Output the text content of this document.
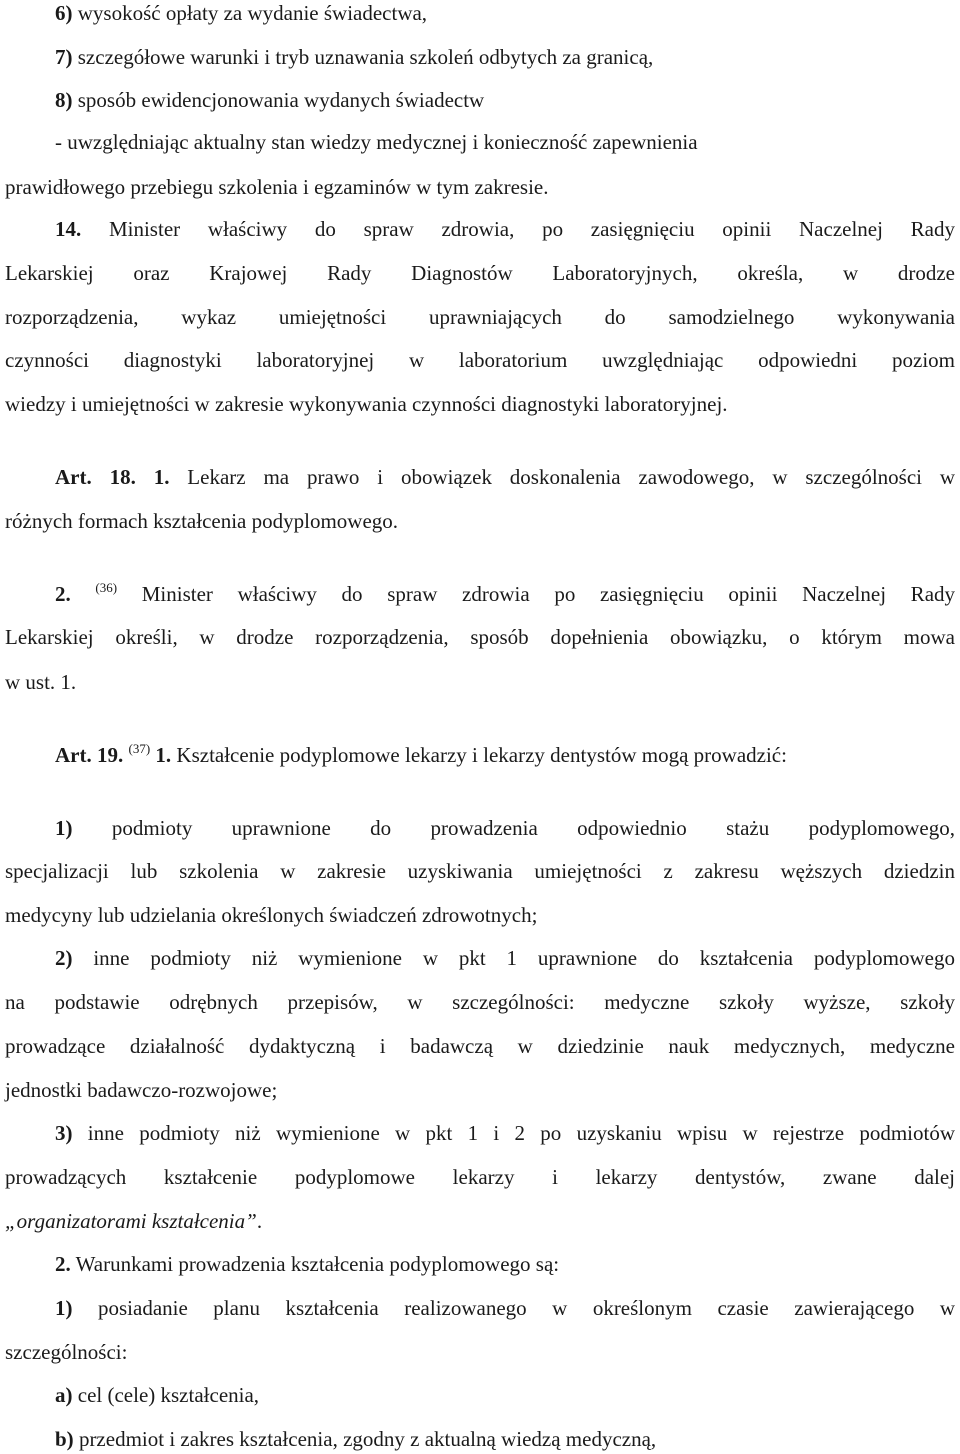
6) wysokość opłaty za wydanie świadectwa,
7) szczegółowe warunki i tryb uznawania szkoleń odbytych za granicą,
8) sposób ewidencjonowania wydanych świadectw
- uwzględniając aktualny stan wiedzy medycznej i konieczność zapewnienia
prawidłowego przebiegu szkolenia i egzaminów w tym zakresie.
14. Minister właściwy do spraw zdrowia, po zasięgnięciu opinii Naczelnej Rady
Lekarskiej oraz Krajowej Rady Diagnostów Laboratoryjnych, określa, w drodze
rozporządzenia, wykaz umiejętności uprawniających do samodzielnego wykonywania
czynności diagnostyki laboratoryjnej w laboratorium uwzględniając odpowiedni poziom
wiedzy i umiejętności w zakresie wykonywania czynności diagnostyki laboratoryjnej.
Art. 18. 1. Lekarz ma prawo i obowiązek doskonalenia zawodowego, w szczególności w
różnych formach kształcenia podyplomowego.
2. $^{(36)}$ Minister właściwy do spraw zdrowia po zasięgnięciu opinii Naczelnej Rady
Lekarskiej określi, w drodze rozporządzenia, sposób dopełnienia obowiązku, o którym mowa
w ust. 1.
Art. 19. $^{(37)}$ 1. Kształcenie podyplomowe lekarzy i lekarzy dentystów mogą prowadzić:
1) podmioty uprawnione do prowadzenia odpowiednio stażu podyplomowego,
specjalizacji lub szkolenia w zakresie uzyskiwania umiejętności z zakresu węższych dziedzin
medycyny lub udzielania określonych świadczeń zdrowotnych;
2) inne podmioty niż wymienione w pkt 1 uprawnione do kształcenia podyplomowego
na podstawie odrębnych przepisów, w szczególności: medyczne szkoły wyższe, szkoły
prowadzące działalność dydaktyczną i badawczą w dziedzinie nauk medycznych, medyczne
jednostki badawczo-rozwojowe;
3) inne podmioty niż wymienione w pkt 1 i 2 po uzyskaniu wpisu w rejestrze podmiotów
prowadzących kształcenie podyplomowe lekarzy i lekarzy dentystów, zwane dalej
„organizatorami kształcenia”.
2. Warunkami prowadzenia kształcenia podyplomowego są:
1) posiadanie planu kształcenia realizowanego w określonym czasie zawierającego w
szczególności:
a) cel (cele) kształcenia,
b) przedmiot i zakres kształcenia, zgodny z aktualną wiedzą medyczną,
